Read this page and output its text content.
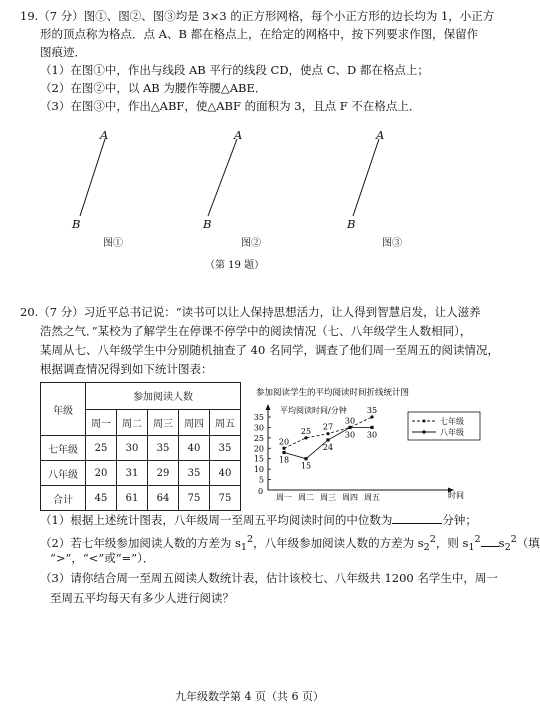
19.（7 分）图①、图②、图③均是 3×3 的正方形网格，每个小正方形的边长均为 1，小正方
形的顶点称为格点．点 A、B 都在格点上，在给定的网格中，按下列要求作图，保留作
图痕迹．
（1）在图①中，作出与线段 AB 平行的线段 CD，使点 C、D 都在格点上；
（2）在图②中，以 AB 为腰作等腰△ABE．
（3）在图③中，作出△ABF，使△ABF 的面积为 3，且点 F 不在格点上．
A
B
A
B
A
B
图①	图②	图③
（第 19 题）
20.（7 分）习近平总书记说：“读书可以让人保持思想活力，让人得到智慧启发，让人滋养
浩然之气．”某校为了解学生在停课不停学中的阅读情况（七、八年级学生人数相同），
某周从七、八年级学生中分别随机抽查了 40 名同学，调查了他们周一至周五的阅读情况，
根据调查情况得到如下统计图表：
年级	参加阅读人数				
	周一	周二	周三	周四	周五
七年级	25	30	35	40	35
八年级	20	31	29	35	40
合计	45	61	64	75	75
参加阅读学生的平均阅读时间折线统计图
平均阅读时间/分钟
时间
0
5
10
15
20
25
30
35
周一 周二 周三 周四 周五
20
25 27
30
35
18
15
24
30 30
七年级
八年级
（1）根据上述统计图表，八年级周一至周五平均阅读时间的中位数为	分钟；
（2）若七年级参加阅读人数的方差为 $s_1^2$，八年级参加阅读人数的方差为 $s_2^2$，则 $s_1^2$ $s_2^2$（填
“>”，“<”或“=”）．
（3）请你结合周一至周五阅读人数统计表，估计该校七、八年级共 1200 名学生中，周一
至周五平均每天有多少人进行阅读？
九年级数学第 4 页（共 6 页）
